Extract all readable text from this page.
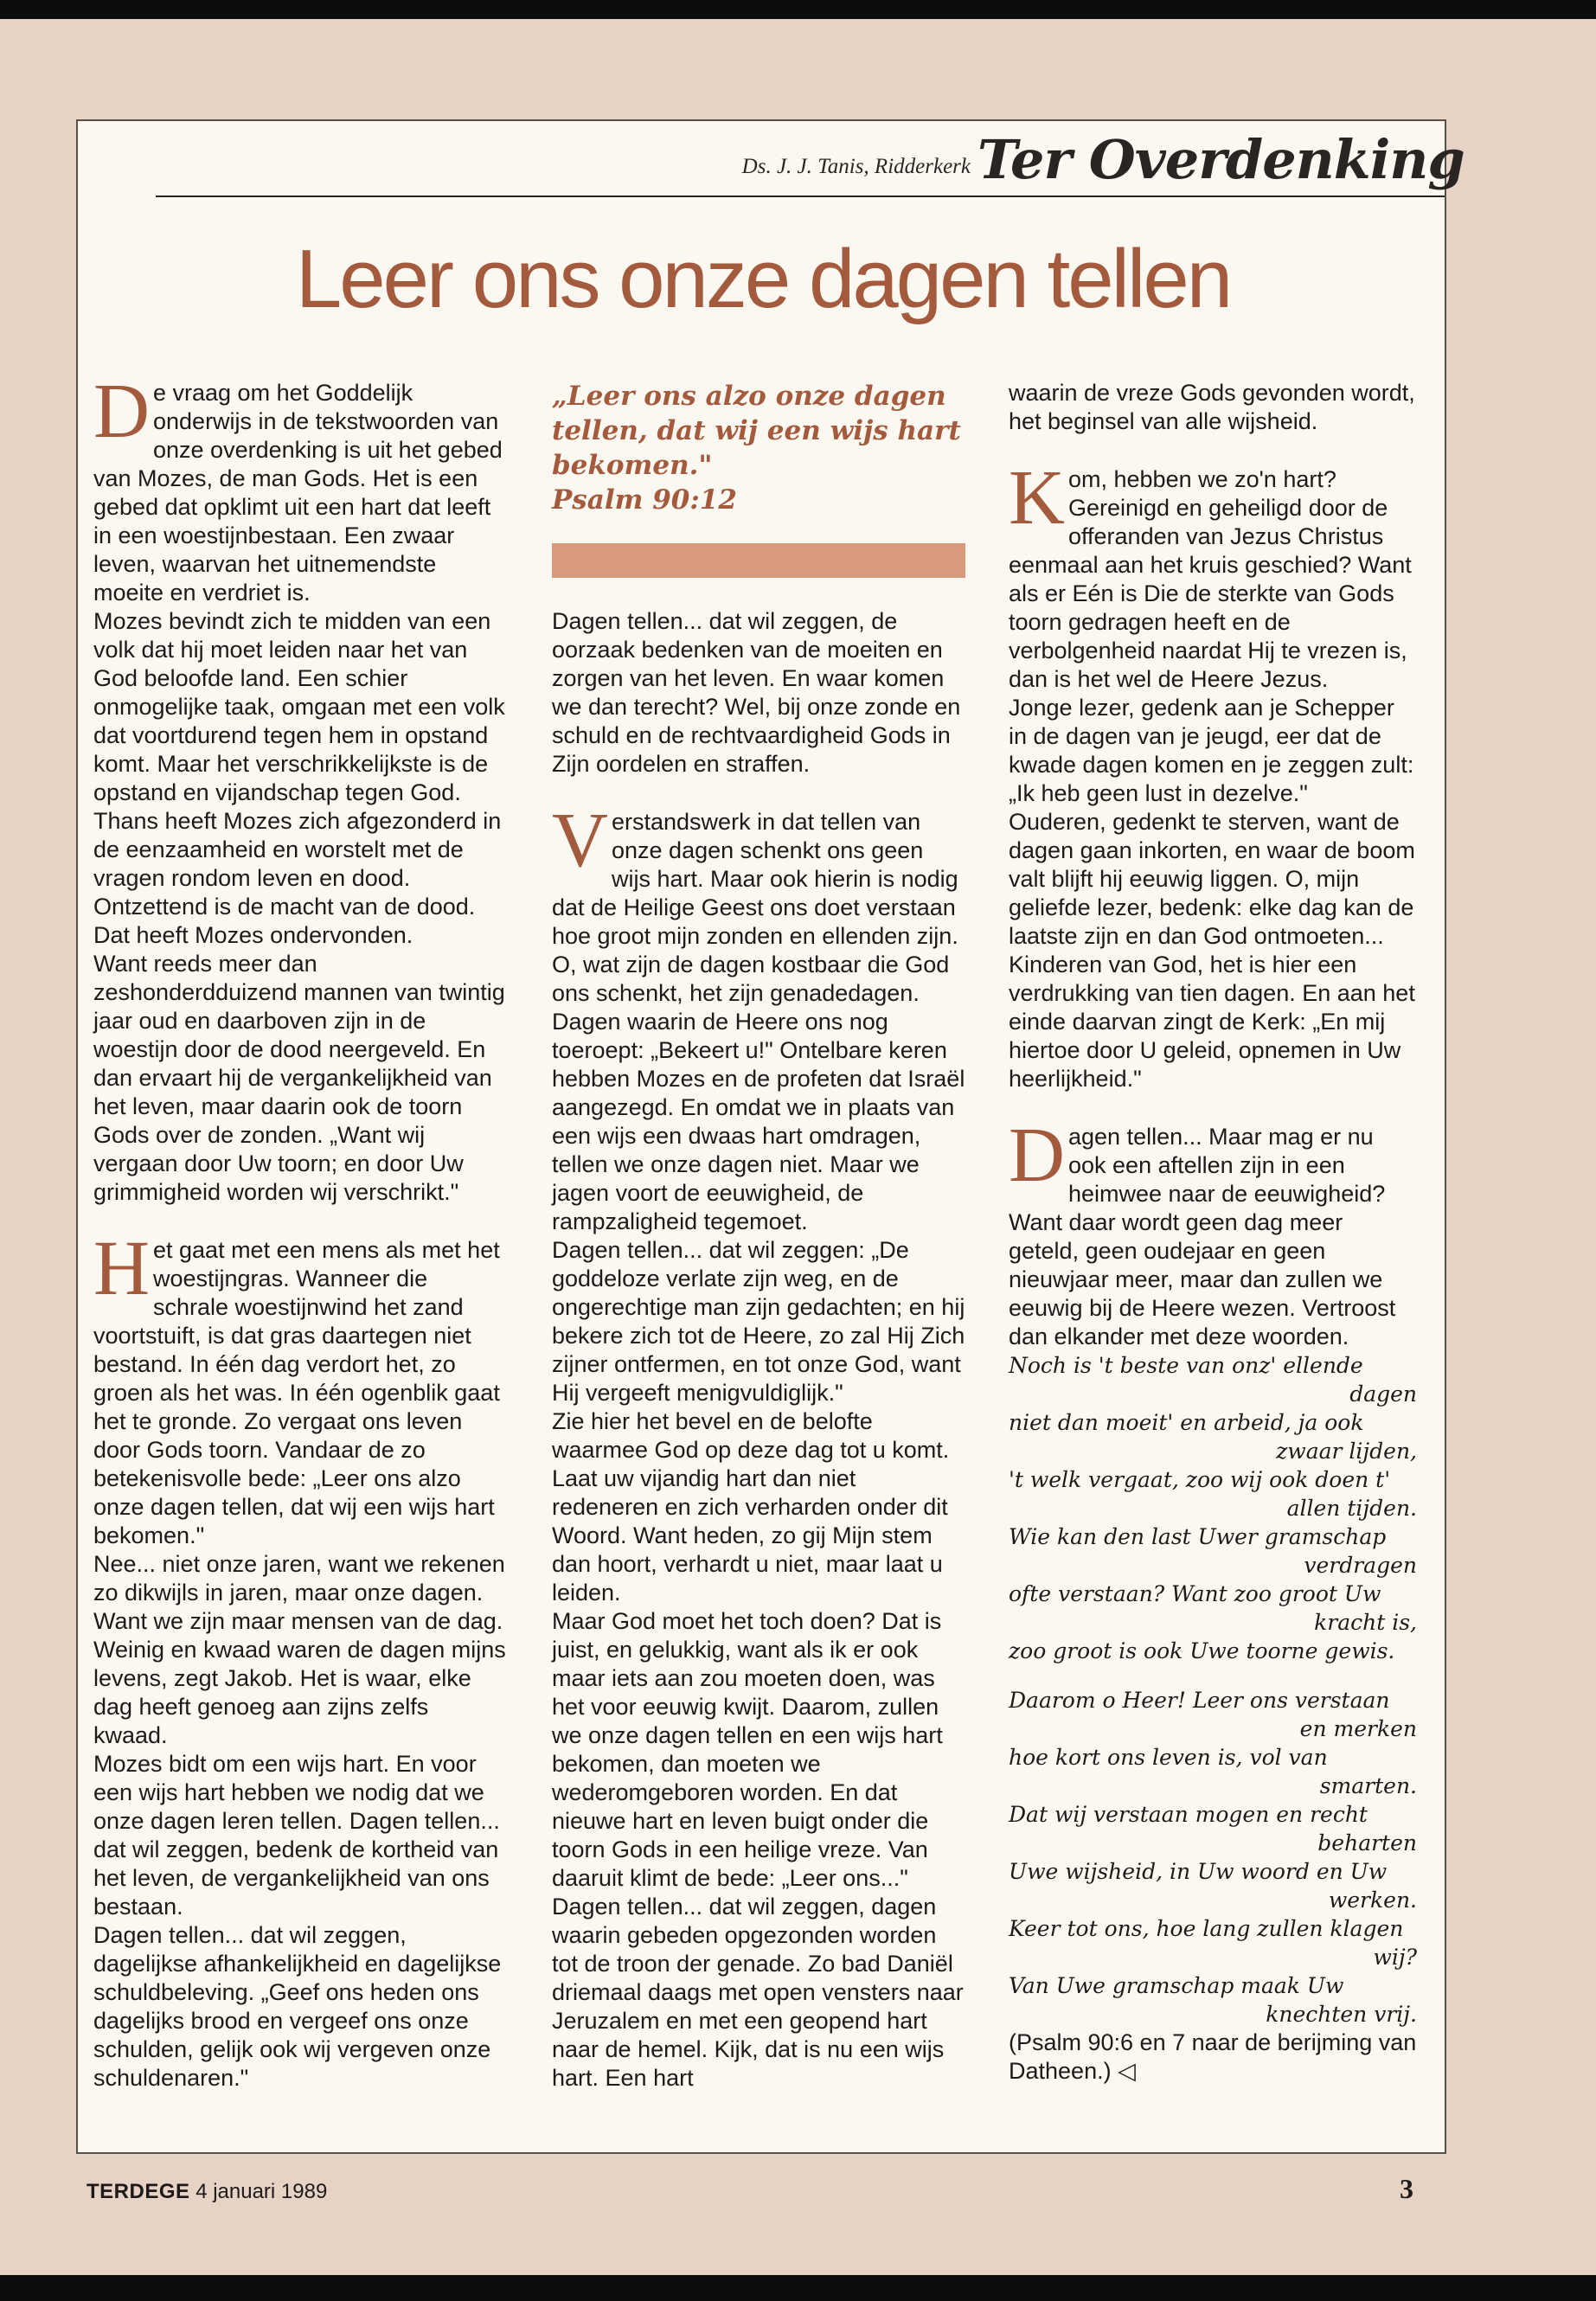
Ds. J. J. Tanis, Ridderkerk Ter Overdenking
Leer ons onze dagen tellen

De vraag om het Goddelijk onderwijs in de tekstwoorden van onze overdenking is uit het gebed van Mozes, de man Gods. Het is een gebed dat opklimt uit een hart dat leeft in een woestijnbestaan. Een zwaar leven, waarvan het uitnemendste moeite en verdriet is.

Mozes bevindt zich te midden van een volk dat hij moet leiden naar het van God beloofde land. Een schier onmogelijke taak, omgaan met een volk dat voortdurend tegen hem in opstand komt. Maar het verschrikkelijkste is de opstand en vijandschap tegen God.

Thans heeft Mozes zich afgezonderd in de eenzaamheid en worstelt met de vragen rondom leven en dood. Ontzettend is de macht van de dood. Dat heeft Mozes ondervonden.

Want reeds meer dan zeshonderdduizend mannen van twintig jaar oud en daarboven zijn in de woestijn door de dood neergeveld. En dan ervaart hij de vergankelijkheid van het leven, maar daarin ook de toorn Gods over de zonden. „Want wij vergaan door Uw toorn; en door Uw grimmigheid worden wij verschrikt."

Het gaat met een mens als met het woestijngras. Wanneer die schrale woestijnwind het zand voortstuift, is dat gras daartegen niet bestand. In één dag verdort het, zo groen als het was. In één ogenblik gaat het te gronde. Zo vergaat ons leven door Gods toorn. Vandaar de zo betekenisvolle bede: „Leer ons alzo onze dagen tellen, dat wij een wijs hart bekomen."

Nee... niet onze jaren, want we rekenen zo dikwijls in jaren, maar onze dagen. Want we zijn maar mensen van de dag. Weinig en kwaad waren de dagen mijns levens, zegt Jakob. Het is waar, elke dag heeft genoeg aan zijns zelfs kwaad.

Mozes bidt om een wijs hart. En voor een wijs hart hebben we nodig dat we onze dagen leren tellen. Dagen tellen... dat wil zeggen, bedenk de kortheid van het leven, de vergankelijkheid van ons bestaan.

Dagen tellen... dat wil zeggen, dagelijkse afhankelijkheid en dagelijkse schuldbeleving. „Geef ons heden ons dagelijks brood en vergeef ons onze schulden, gelijk ook wij vergeven onze schuldenaren."

„Leer ons alzo onze dagen tellen, dat wij een wijs hart bekomen."
Psalm 90:12

Dagen tellen... dat wil zeggen, de oorzaak bedenken van de moeiten en zorgen van het leven. En waar komen we dan terecht? Wel, bij onze zonde en schuld en de rechtvaardigheid Gods in Zijn oordelen en straffen.

Verstandswerk in dat tellen van onze dagen schenkt ons geen wijs hart. Maar ook hierin is nodig dat de Heilige Geest ons doet verstaan hoe groot mijn zonden en ellenden zijn. O, wat zijn de dagen kostbaar die God ons schenkt, het zijn genadedagen. Dagen waarin de Heere ons nog toeroept: „Bekeert u!" Ontelbare keren hebben Mozes en de profeten dat Israël aangezegd. En omdat we in plaats van een wijs een dwaas hart omdragen, tellen we onze dagen niet. Maar we jagen voort de eeuwigheid, de rampzaligheid tegemoet.

Dagen tellen... dat wil zeggen: „De goddeloze verlate zijn weg, en de ongerechtige man zijn gedachten; en hij bekere zich tot de Heere, zo zal Hij Zich zijner ontfermen, en tot onze God, want Hij vergeeft menigvuldiglijk."

Zie hier het bevel en de belofte waarmee God op deze dag tot u komt. Laat uw vijandig hart dan niet redeneren en zich verharden onder dit Woord. Want heden, zo gij Mijn stem dan hoort, verhardt u niet, maar laat u leiden.

Maar God moet het toch doen? Dat is juist, en gelukkig, want als ik er ook maar iets aan zou moeten doen, was het voor eeuwig kwijt. Daarom, zullen we onze dagen tellen en een wijs hart bekomen, dan moeten we wederomgeboren worden. En dat nieuwe hart en leven buigt onder die toorn Gods in een heilige vreze. Van daaruit klimt de bede: „Leer ons..."

Dagen tellen... dat wil zeggen, dagen waarin gebeden opgezonden worden tot de troon der genade. Zo bad Daniël driemaal daags met open vensters naar Jeruzalem en met een geopend hart naar de hemel. Kijk, dat is nu een wijs hart. Een hart

waarin de vreze Gods gevonden wordt, het beginsel van alle wijsheid.

Kom, hebben we zo'n hart? Gereinigd en geheiligd door de offeranden van Jezus Christus eenmaal aan het kruis geschied? Want als er Eén is Die de sterkte van Gods toorn gedragen heeft en de verbolgenheid naardat Hij te vrezen is, dan is het wel de Heere Jezus.

Jonge lezer, gedenk aan je Schepper in de dagen van je jeugd, eer dat de kwade dagen komen en je zeggen zult: „Ik heb geen lust in dezelve."

Ouderen, gedenkt te sterven, want de dagen gaan inkorten, en waar de boom valt blijft hij eeuwig liggen. O, mijn geliefde lezer, bedenk: elke dag kan de laatste zijn en dan God ontmoeten...

Kinderen van God, het is hier een verdrukking van tien dagen. En aan het einde daarvan zingt de Kerk: „En mij hiertoe door U geleid, opnemen in Uw heerlijkheid."

Dagen tellen... Maar mag er nu ook een aftellen zijn in een heimwee naar de eeuwigheid? Want daar wordt geen dag meer geteld, geen oudejaar en geen nieuwjaar meer, maar dan zullen we eeuwig bij de Heere wezen. Vertroost dan elkander met deze woorden.

Noch is 't beste van onz' ellende
dagen

niet dan moeit' en arbeid, ja ook
zwaar lijden,

't welk vergaat, zoo wij ook doen t'
allen tijden.

Wie kan den last Uwer gramschap
verdragen

ofte verstaan? Want zoo groot Uw
kracht is,

zoo groot is ook Uwe toorne gewis.

Daarom o Heer! Leer ons verstaan
en merken

hoe kort ons leven is, vol van
smarten.

Dat wij verstaan mogen en recht
beharten

Uwe wijsheid, in Uw woord en Uw
werken.

Keer tot ons, hoe lang zullen klagen
wij?

Van Uwe gramschap maak Uw
knechten vrij.

(Psalm 90:6 en 7 naar de berijming van Datheen.) ◁

TERDEGE 4 januari 1989	3
